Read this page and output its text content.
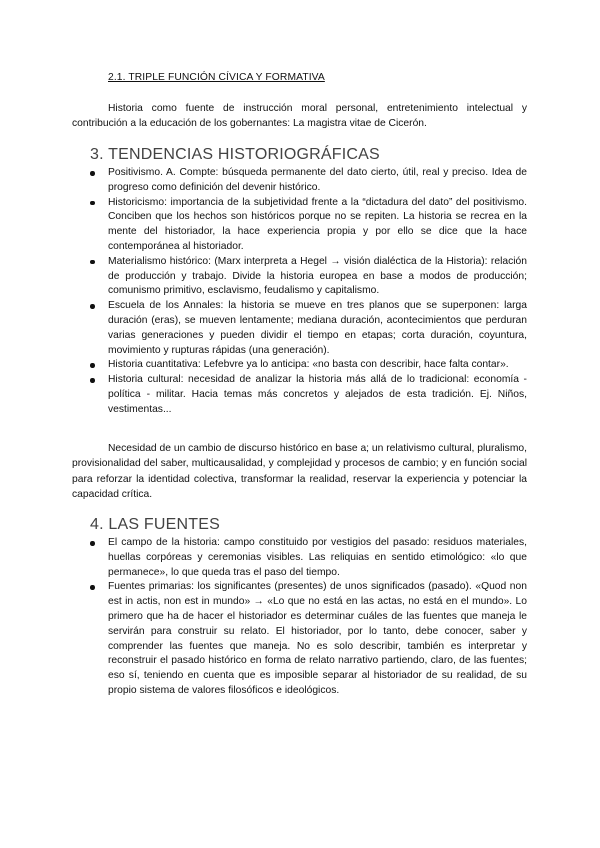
2.1. TRIPLE FUNCIÓN CÍVICA Y FORMATIVA

Historia como fuente de instrucción moral personal, entretenimiento intelectual y contribución a la educación de los gobernantes: La magistra vitae de Cicerón.

3. TENDENCIAS HISTORIOGRÁFICAS
Positivismo. A. Compte: búsqueda permanente del dato cierto, útil, real y preciso. Idea de progreso como definición del devenir histórico.
Historicismo: importancia de la subjetividad frente a la “dictadura del dato” del positivismo. Conciben que los hechos son históricos porque no se repiten. La historia se recrea en la mente del historiador, la hace experiencia propia y por ello se dice que la hace contemporánea al historiador.
Materialismo histórico: (Marx interpreta a Hegel → visión dialéctica de la Historia): relación de producción y trabajo. Divide la historia europea en base a modos de producción; comunismo primitivo, esclavismo, feudalismo y capitalismo.
Escuela de los Annales: la historia se mueve en tres planos que se superponen: larga duración (eras), se mueven lentamente; mediana duración, acontecimientos que perduran varias generaciones y pueden dividir el tiempo en etapas; corta duración, coyuntura, movimiento y rupturas rápidas (una generación).
Historia cuantitativa: Lefebvre ya lo anticipa: «no basta con describir, hace falta contar».
Historia cultural: necesidad de analizar la historia más allá de lo tradicional: economía - política - militar. Hacia temas más concretos y alejados de esta tradición. Ej. Niños, vestimentas...

Necesidad de un cambio de discurso histórico en base a; un relativismo cultural, pluralismo, provisionalidad del saber, multicausalidad, y complejidad y procesos de cambio; y en función social para reforzar la identidad colectiva, transformar la realidad, reservar la experiencia y potenciar la capacidad crítica.

4. LAS FUENTES
El campo de la historia: campo constituido por vestigios del pasado: residuos materiales, huellas corpóreas y ceremonias visibles. Las reliquias en sentido etimológico: «lo que permanece», lo que queda tras el paso del tiempo.
Fuentes primarias: los significantes (presentes) de unos significados (pasado). «Quod non est in actis, non est in mundo» → «Lo que no está en las actas, no está en el mundo». Lo primero que ha de hacer el historiador es determinar cuáles de las fuentes que maneja le servirán para construir su relato. El historiador, por lo tanto, debe conocer, saber y comprender las fuentes que maneja. No es solo describir, también es interpretar y reconstruir el pasado histórico en forma de relato narrativo partiendo, claro, de las fuentes; eso sí, teniendo en cuenta que es imposible separar al historiador de su realidad, de su propio sistema de valores filosóficos e ideológicos.
